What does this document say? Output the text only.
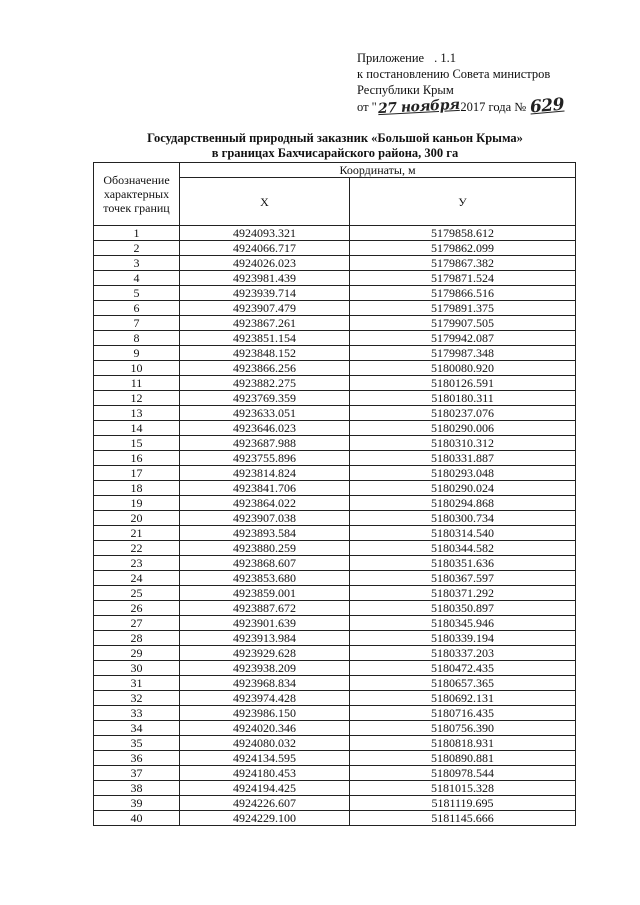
Приложение . 1.1
к постановлению Совета министров
Республики Крым
от "27 ноября2017 года № 629
Государственный природный заказник «Большой каньон Крыма»
в границах Бахчисарайского района, 300 га
Обозначение характерных точек границ	Координаты, м	
	X	У
1	4924093.321	5179858.612
2	4924066.717	5179862.099
3	4924026.023	5179867.382
4	4923981.439	5179871.524
5	4923939.714	5179866.516
6	4923907.479	5179891.375
7	4923867.261	5179907.505
8	4923851.154	5179942.087
9	4923848.152	5179987.348
10	4923866.256	5180080.920
11	4923882.275	5180126.591
12	4923769.359	5180180.311
13	4923633.051	5180237.076
14	4923646.023	5180290.006
15	4923687.988	5180310.312
16	4923755.896	5180331.887
17	4923814.824	5180293.048
18	4923841.706	5180290.024
19	4923864.022	5180294.868
20	4923907.038	5180300.734
21	4923893.584	5180314.540
22	4923880.259	5180344.582
23	4923868.607	5180351.636
24	4923853.680	5180367.597
25	4923859.001	5180371.292
26	4923887.672	5180350.897
27	4923901.639	5180345.946
28	4923913.984	5180339.194
29	4923929.628	5180337.203
30	4923938.209	5180472.435
31	4923968.834	5180657.365
32	4923974.428	5180692.131
33	4923986.150	5180716.435
34	4924020.346	5180756.390
35	4924080.032	5180818.931
36	4924134.595	5180890.881
37	4924180.453	5180978.544
38	4924194.425	5181015.328
39	4924226.607	5181119.695
40	4924229.100	5181145.666
